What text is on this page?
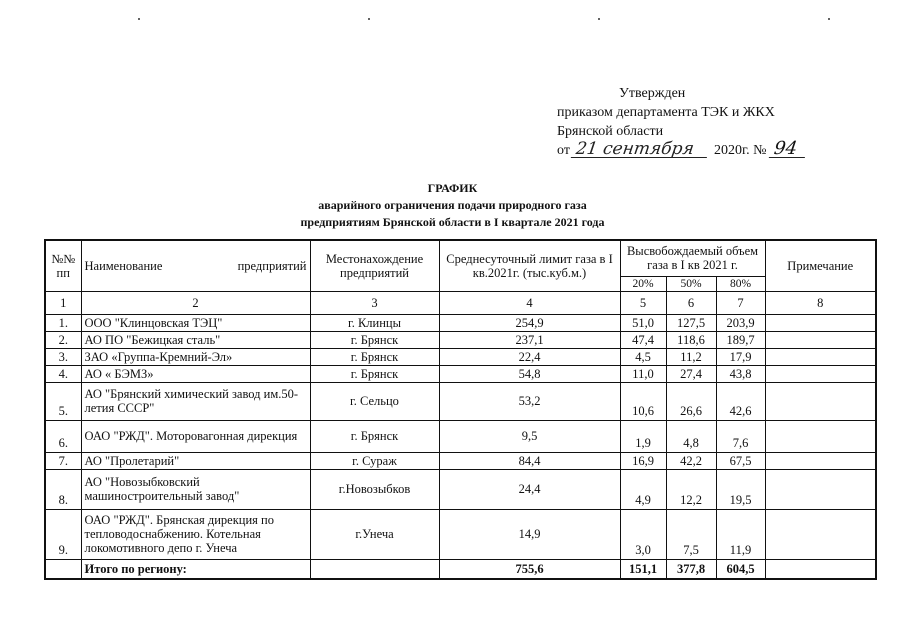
Утвержден
приказом департамента ТЭК и ЖКХ
Брянской области
от 21 сентября 2020г. № 94
ГРАФИК
аварийного ограничения подачи природного газа
предприятиям Брянской области в I квартале 2021 года
№№ пп	Наименование предприятий	Местонахождение предприятий	Среднесуточный лимит газа в I кв.2021г. (тыс.куб.м.)	Высвобождаемый объем газа в I кв 2021 г.			Примечание
				20%	50%	80%	
1	2	3	4	5	6	7	8
1.	ООО "Клинцовская ТЭЦ"	г. Клинцы	254,9	51,0	127,5	203,9	
2.	АО ПО "Бежицкая сталь"	г. Брянск	237,1	47,4	118,6	189,7	
3.	ЗАО «Группа-Кремний-Эл»	г. Брянск	22,4	4,5	11,2	17,9	
4.	АО « БЭМЗ»	г. Брянск	54,8	11,0	27,4	43,8	
5.	АО "Брянский химический завод им.50-летия СССР"	г. Сельцо	53,2	10,6	26,6	42,6	
6.	ОАО "РЖД". Моторовагонная дирекция	г. Брянск	9,5	1,9	4,8	7,6	
7.	АО "Пролетарий"	г. Сураж	84,4	16,9	42,2	67,5	
8.	АО "Новозыбковский машиностроительный завод"	г.Новозыбков	24,4	4,9	12,2	19,5	
9.	ОАО "РЖД". Брянская дирекция по тепловодоснабжению. Котельная локомотивного депо г. Унеча	г.Унеча	14,9	3,0	7,5	11,9	
	Итого по региону:		755,6	151,1	377,8	604,5	
